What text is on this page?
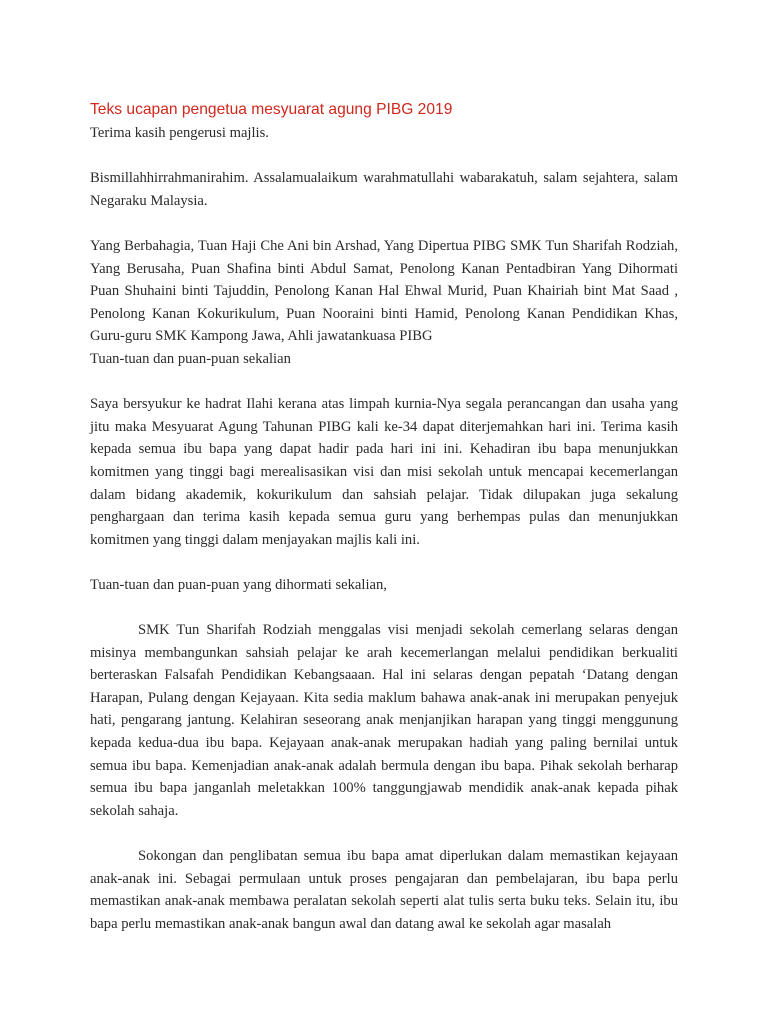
Teks ucapan pengetua mesyuarat agung PIBG 2019

Terima kasih pengerusi majlis.

Bismillahhirrahmanirahim. Assalamualaikum warahmatullahi wabarakatuh, salam sejahtera, salam Negaraku Malaysia.

Yang Berbahagia, Tuan Haji Che Ani bin Arshad, Yang Dipertua PIBG SMK Tun Sharifah Rodziah, Yang Berusaha, Puan Shafina binti Abdul Samat, Penolong Kanan Pentadbiran Yang Dihormati Puan Shuhaini binti Tajuddin, Penolong Kanan Hal Ehwal Murid, Puan Khairiah bint Mat Saad , Penolong Kanan Kokurikulum, Puan Nooraini binti Hamid, Penolong Kanan Pendidikan Khas, Guru-guru SMK Kampong Jawa, Ahli jawatankuasa PIBG

Tuan-tuan dan puan-puan sekalian

Saya bersyukur ke hadrat Ilahi kerana atas limpah kurnia-Nya segala perancangan dan usaha yang jitu maka Mesyuarat Agung Tahunan PIBG kali ke-34 dapat diterjemahkan hari ini. Terima kasih kepada semua ibu bapa yang dapat hadir pada hari ini ini. Kehadiran ibu bapa menunjukkan komitmen yang tinggi bagi merealisasikan visi dan misi sekolah untuk mencapai kecemerlangan dalam bidang akademik, kokurikulum dan sahsiah pelajar. Tidak dilupakan juga sekalung penghargaan dan terima kasih kepada semua guru yang berhempas pulas dan menunjukkan komitmen yang tinggi dalam menjayakan majlis kali ini.

Tuan-tuan dan puan-puan yang dihormati sekalian,

SMK Tun Sharifah Rodziah menggalas visi menjadi sekolah cemerlang selaras dengan misinya membangunkan sahsiah pelajar ke arah kecemerlangan melalui pendidikan berkualiti berteraskan Falsafah Pendidikan Kebangsaaan. Hal ini selaras dengan pepatah ‘Datang dengan Harapan, Pulang dengan Kejayaan. Kita sedia maklum bahawa anak-anak ini merupakan penyejuk hati, pengarang jantung. Kelahiran seseorang anak menjanjikan harapan yang tinggi menggunung kepada kedua-dua ibu bapa. Kejayaan anak-anak merupakan hadiah yang paling bernilai untuk semua ibu bapa. Kemenjadian anak-anak adalah bermula dengan ibu bapa. Pihak sekolah berharap semua ibu bapa janganlah meletakkan 100% tanggungjawab mendidik anak-anak kepada pihak sekolah sahaja.

Sokongan dan penglibatan semua ibu bapa amat diperlukan dalam memastikan kejayaan anak-anak ini. Sebagai permulaan untuk proses pengajaran dan pembelajaran, ibu bapa perlu memastikan anak-anak membawa peralatan sekolah seperti alat tulis serta buku teks. Selain itu, ibu bapa perlu memastikan anak-anak bangun awal dan datang awal ke sekolah agar masalah
